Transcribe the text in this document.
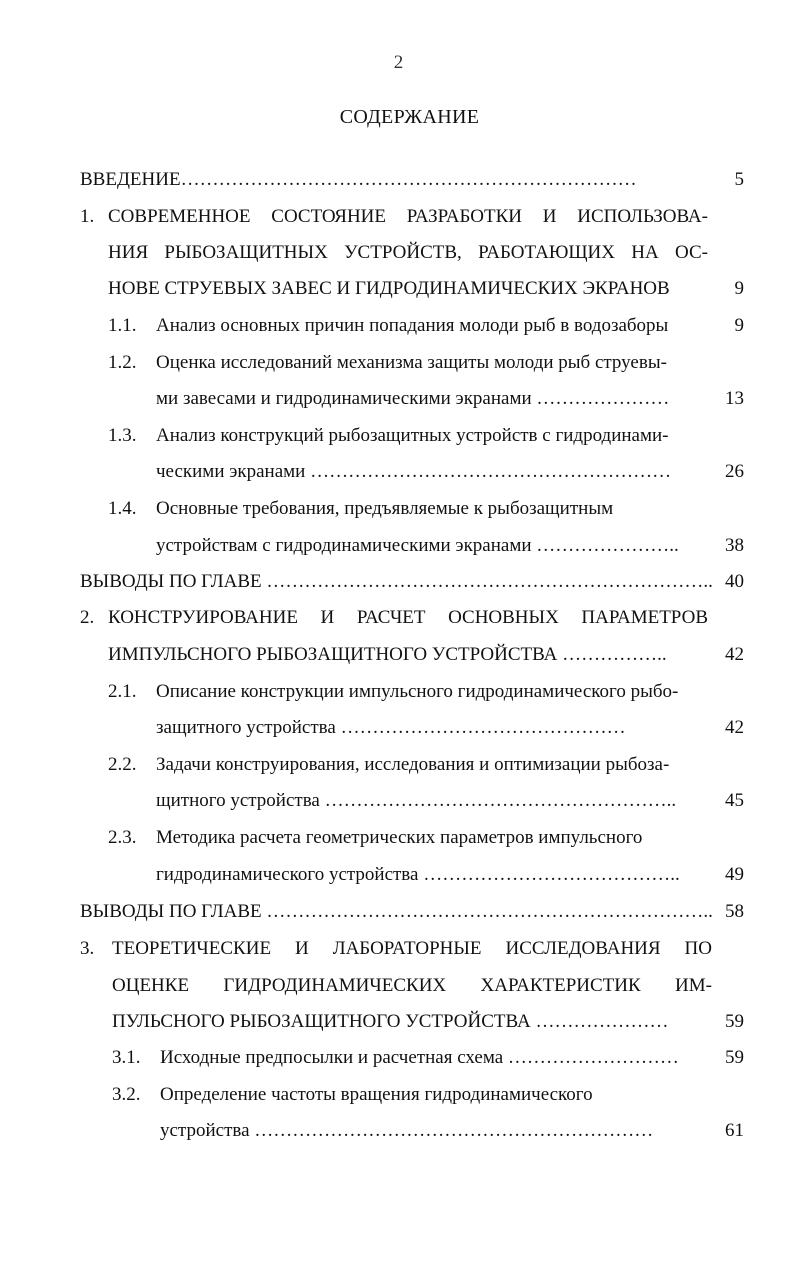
2
СОДЕРЖАНИЕ
ВВЕДЕНИЕ………………………………………………………………	5
1. СОВРЕМЕННОЕ СОСТОЯНИЕ РАЗРАБОТКИ И ИСПОЛЬЗОВА-
НИЯ РЫБОЗАЩИТНЫХ УСТРОЙСТВ, РАБОТАЮЩИХ НА ОС-
НОВЕ СТРУЕВЫХ ЗАВЕС И ГИДРОДИНАМИЧЕСКИХ ЭКРАНОВ	9
1.1. Анализ основных причин попадания молоди рыб в водозаборы	9
1.2. Оценка исследований механизма защиты молоди рыб струевы-
ми завесами и гидродинамическими экранами …………………	13
1.3. Анализ конструкций рыбозащитных устройств с гидродинами-
ческими экранами …………………………………………………	26
1.4. Основные требования, предъявляемые к рыбозащитным
устройствам с гидродинамическими экранами …………………..	38
ВЫВОДЫ ПО ГЛАВЕ …………………………………………………………….. 40
2. КОНСТРУИРОВАНИЕ И РАСЧЕТ ОСНОВНЫХ ПАРАМЕТРОВ
ИМПУЛЬСНОГО РЫБОЗАЩИТНОГО УСТРОЙСТВА ……………..	42
2.1. Описание конструкции импульсного гидродинамического рыбо-
защитного устройства ………………………………………	42
2.2. Задачи конструирования, исследования и оптимизации рыбоза-
щитного устройства ………………………………………………..	45
2.3. Методика расчета геометрических параметров импульсного
гидродинамического устройства …………………………………..	49
ВЫВОДЫ ПО ГЛАВЕ …………………………………………………………….. 58
3. ТЕОРЕТИЧЕСКИЕ И ЛАБОРАТОРНЫЕ ИССЛЕДОВАНИЯ ПО
ОЦЕНКЕ ГИДРОДИНАМИЧЕСКИХ ХАРАКТЕРИСТИК ИМ-
ПУЛЬСНОГО РЫБОЗАЩИТНОГО УСТРОЙСТВА …………………	59
3.1. Исходные предпосылки и расчетная схема ………………………	59
3.2. Определение частоты вращения гидродинамического
устройства ………………………………………………………	61
